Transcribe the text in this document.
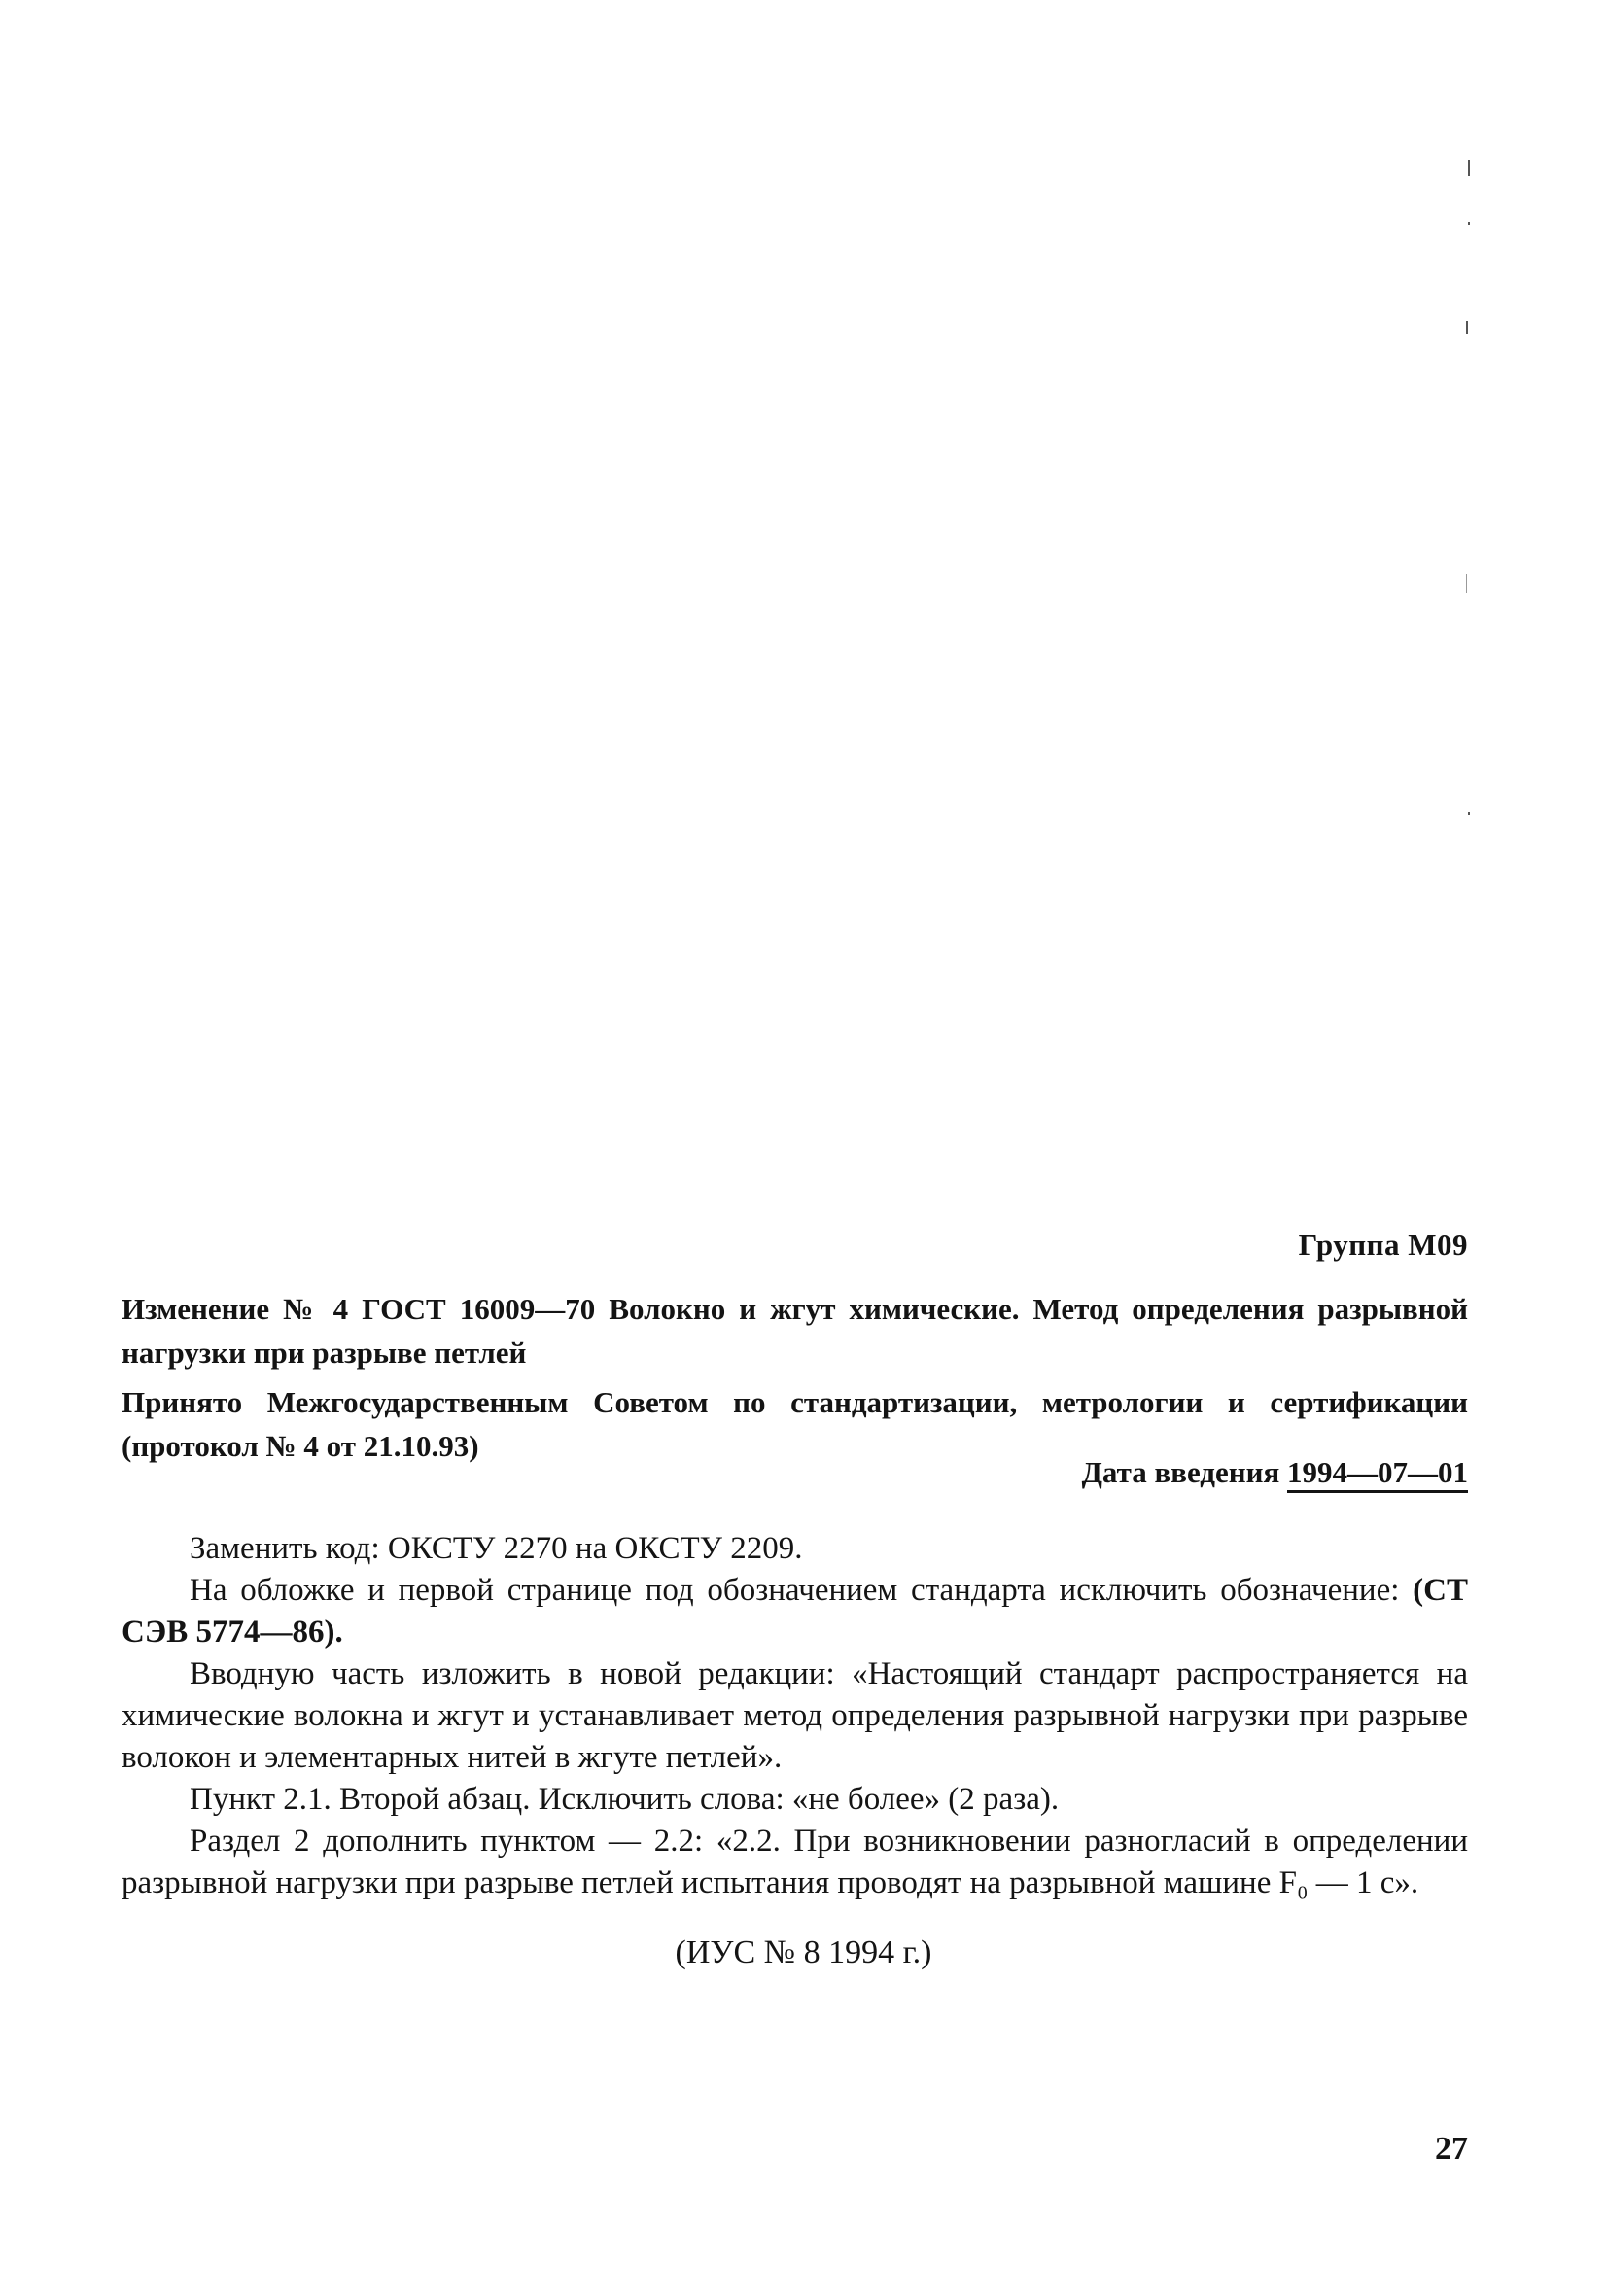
Группа М09
Изменение № 4 ГОСТ 16009—70 Волокно и жгут химические. Метод определения разрывной нагрузки при разрыве петлей
Принято Межгосударственным Советом по стандартизации, метрологии и сертификации (протокол № 4 от 21.10.93)
Дата введения 1994—07—01

Заменить код: ОКСТУ 2270 на ОКСТУ 2209.

На обложке и первой странице под обозначением стандарта исключить обозначение: (СТ СЭВ 5774—86).

Вводную часть изложить в новой редакции: «Настоящий стандарт распространяется на химические волокна и жгут и устанавливает метод определения разрывной нагрузки при разрыве волокон и элементарных нитей в жгуте петлей».

Пункт 2.1. Второй абзац. Исключить слова: «не более» (2 раза).

Раздел 2 дополнить пунктом — 2.2: «2.2. При возникновении разногласий в определении разрывной нагрузки при разрыве петлей испытания проводят на разрывной машине F₀ — 1 с».

(ИУС № 8 1994 г.)
27
